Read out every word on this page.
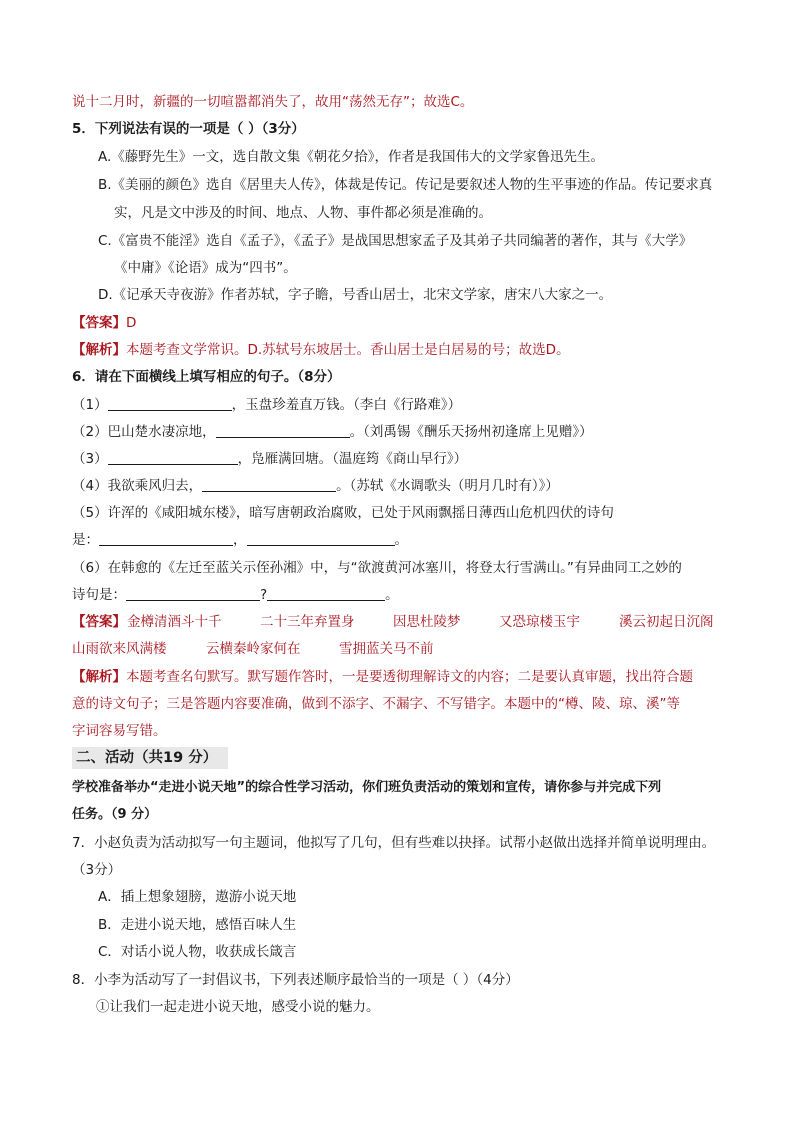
说十二月时，新疆的一切喧嚣都消失了，故用“荡然无存”；故选C。
5．下列说法有误的一项是（ ）（3分）
A.《藤野先生》一文，选自散文集《朝花夕拾》，作者是我国伟大的文学家鲁迅先生。
B.《美丽的颜色》选自《居里夫人传》，体裁是传记。传记是要叙述人物的生平事迹的作品。传记要求真
实，凡是文中涉及的时间、地点、人物、事件都必须是准确的。
C.《富贵不能淫》选自《孟子》，《孟子》是战国思想家孟子及其弟子共同编著的著作，其与《大学》
《中庸》《论语》成为“四书”。
D.《记承天寺夜游》作者苏轼，字子瞻，号香山居士，北宋文学家，唐宋八大家之一。
【答案】D
【解析】本题考查文学常识。D.苏轼号东坡居士。香山居士是白居易的号；故选D。
6．请在下面横线上填写相应的句子。（8分）
（1）	，玉盘珍羞直万钱。（李白《行路难》）
（2）巴山楚水凄凉地，	。（刘禹锡《酬乐天扬州初逢席上见赠》）
（3）	，凫雁满回塘。（温庭筠《商山早行》）
（4）我欲乘风归去，	。（苏轼《水调歌头（明月几时有）》）
（5）许浑的《咸阳城东楼》，暗写唐朝政治腐败，已处于风雨飘摇日薄西山危机四伏的诗句
是：	，	。
（6）在韩愈的《左迁至蓝关示侄孙湘》中，与“欲渡黄河冰塞川，将登太行雪满山。”有异曲同工之妙的
诗句是：	?	。
【答案】 金樽清酒斗十千	二十三年弃置身	因思杜陵梦	又恐琼楼玉宇	溪云初起日沉阁
山雨欲来风满楼	云横秦岭家何在	雪拥蓝关马不前
【解析】本题考查名句默写。默写题作答时，一是要透彻理解诗文的内容；二是要认真审题，找出符合题
意的诗文句子；三是答题内容要准确，做到不添字、不漏字、不写错字。本题中的“樽、陵、琼、溪”等
字词容易写错。
二、活动（共19 分）
学校准备举办“走进小说天地”的综合性学习活动，你们班负责活动的策划和宣传，请你参与并完成下列
任务。（9 分）
7．小赵负责为活动拟写一句主题词，他拟写了几句，但有些难以抉择。试帮小赵做出选择并简单说明理由。
（3分）
A．插上想象翅膀，遨游小说天地
B．走进小说天地，感悟百味人生
C．对话小说人物，收获成长箴言
8．小李为活动写了一封倡议书，下列表述顺序最恰当的一项是（ ）（4分）
①让我们一起走进小说天地，感受小说的魅力。
